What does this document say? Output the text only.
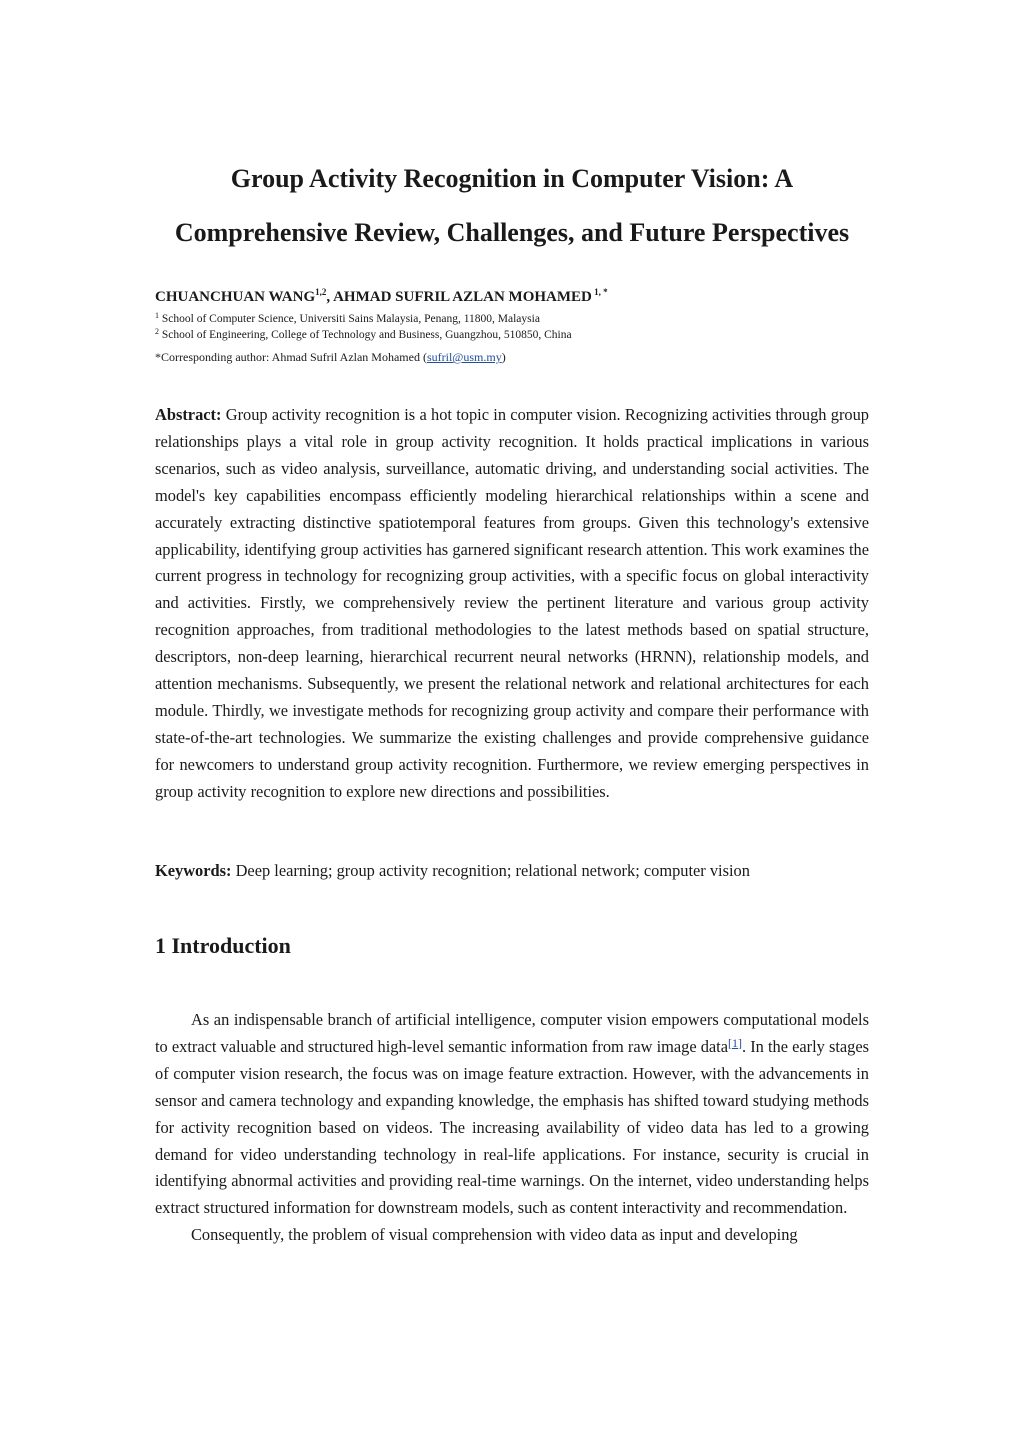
Group Activity Recognition in Computer Vision: A
Comprehensive Review, Challenges, and Future Perspectives
CHUANCHUAN WANG$^{1,2}$, AHMAD SUFRIL AZLAN MOHAMED $^{1, *}$
$^1$ School of Computer Science, Universiti Sains Malaysia, Penang, 11800, Malaysia
$^2$ School of Engineering, College of Technology and Business, Guangzhou, 510850, China
*Corresponding author: Ahmad Sufril Azlan Mohamed (sufril@usm.my)

Abstract: Group activity recognition is a hot topic in computer vision. Recognizing activities through group relationships plays a vital role in group activity recognition. It holds practical implications in various scenarios, such as video analysis, surveillance, automatic driving, and understanding social activities. The model's key capabilities encompass efficiently modeling hierarchical relationships within a scene and accurately extracting distinctive spatiotemporal features from groups. Given this technology's extensive applicability, identifying group activities has garnered significant research attention. This work examines the current progress in technology for recognizing group activities, with a specific focus on global interactivity and activities. Firstly, we comprehensively review the pertinent literature and various group activity recognition approaches, from traditional methodologies to the latest methods based on spatial structure, descriptors, non-deep learning, hierarchical recurrent neural networks (HRNN), relationship models, and attention mechanisms. Subsequently, we present the relational network and relational architectures for each module. Thirdly, we investigate methods for recognizing group activity and compare their performance with state-of-the-art technologies. We summarize the existing challenges and provide comprehensive guidance for newcomers to understand group activity recognition. Furthermore, we review emerging perspectives in group activity recognition to explore new directions and possibilities.

Keywords: Deep learning; group activity recognition; relational network; computer vision

1 Introduction

As an indispensable branch of artificial intelligence, computer vision empowers computational models to extract valuable and structured high-level semantic information from raw image data[1]. In the early stages of computer vision research, the focus was on image feature extraction. However, with the advancements in sensor and camera technology and expanding knowledge, the emphasis has shifted toward studying methods for activity recognition based on videos. The increasing availability of video data has led to a growing demand for video understanding technology in real-life applications. For instance, security is crucial in identifying abnormal activities and providing real-time warnings. On the internet, video understanding helps extract structured information for downstream models, such as content interactivity and recommendation.

Consequently, the problem of visual comprehension with video data as input and developing
